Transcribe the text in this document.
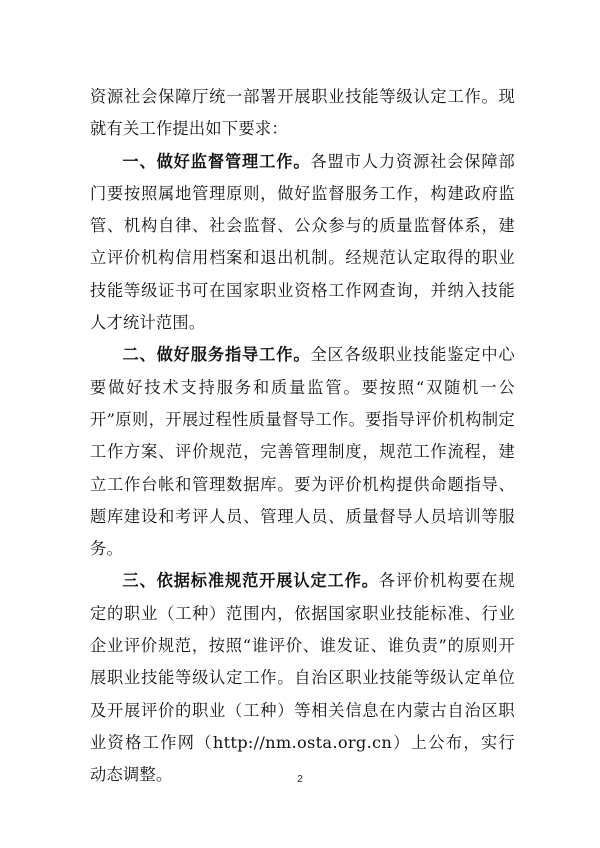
资源社会保障厅统一部署开展职业技能等级认定工作。现就有关工作提出如下要求：

一、做好监督管理工作。各盟市人力资源社会保障部门要按照属地管理原则，做好监督服务工作，构建政府监管、机构自律、社会监督、公众参与的质量监督体系，建立评价机构信用档案和退出机制。经规范认定取得的职业技能等级证书可在国家职业资格工作网查询，并纳入技能人才统计范围。

二、做好服务指导工作。全区各级职业技能鉴定中心要做好技术支持服务和质量监管。要按照“双随机一公开”原则，开展过程性质量督导工作。要指导评价机构制定工作方案、评价规范，完善管理制度，规范工作流程，建立工作台帐和管理数据库。要为评价机构提供命题指导、题库建设和考评人员、管理人员、质量督导人员培训等服务。

三、依据标准规范开展认定工作。各评价机构要在规定的职业（工种）范围内，依据国家职业技能标准、行业企业评价规范，按照“谁评价、谁发证、谁负责”的原则开展职业技能等级认定工作。自治区职业技能等级认定单位及开展评价的职业（工种）等相关信息在内蒙古自治区职业资格工作网（http://nm.osta.org.cn）上公布，实行动态调整。	2
